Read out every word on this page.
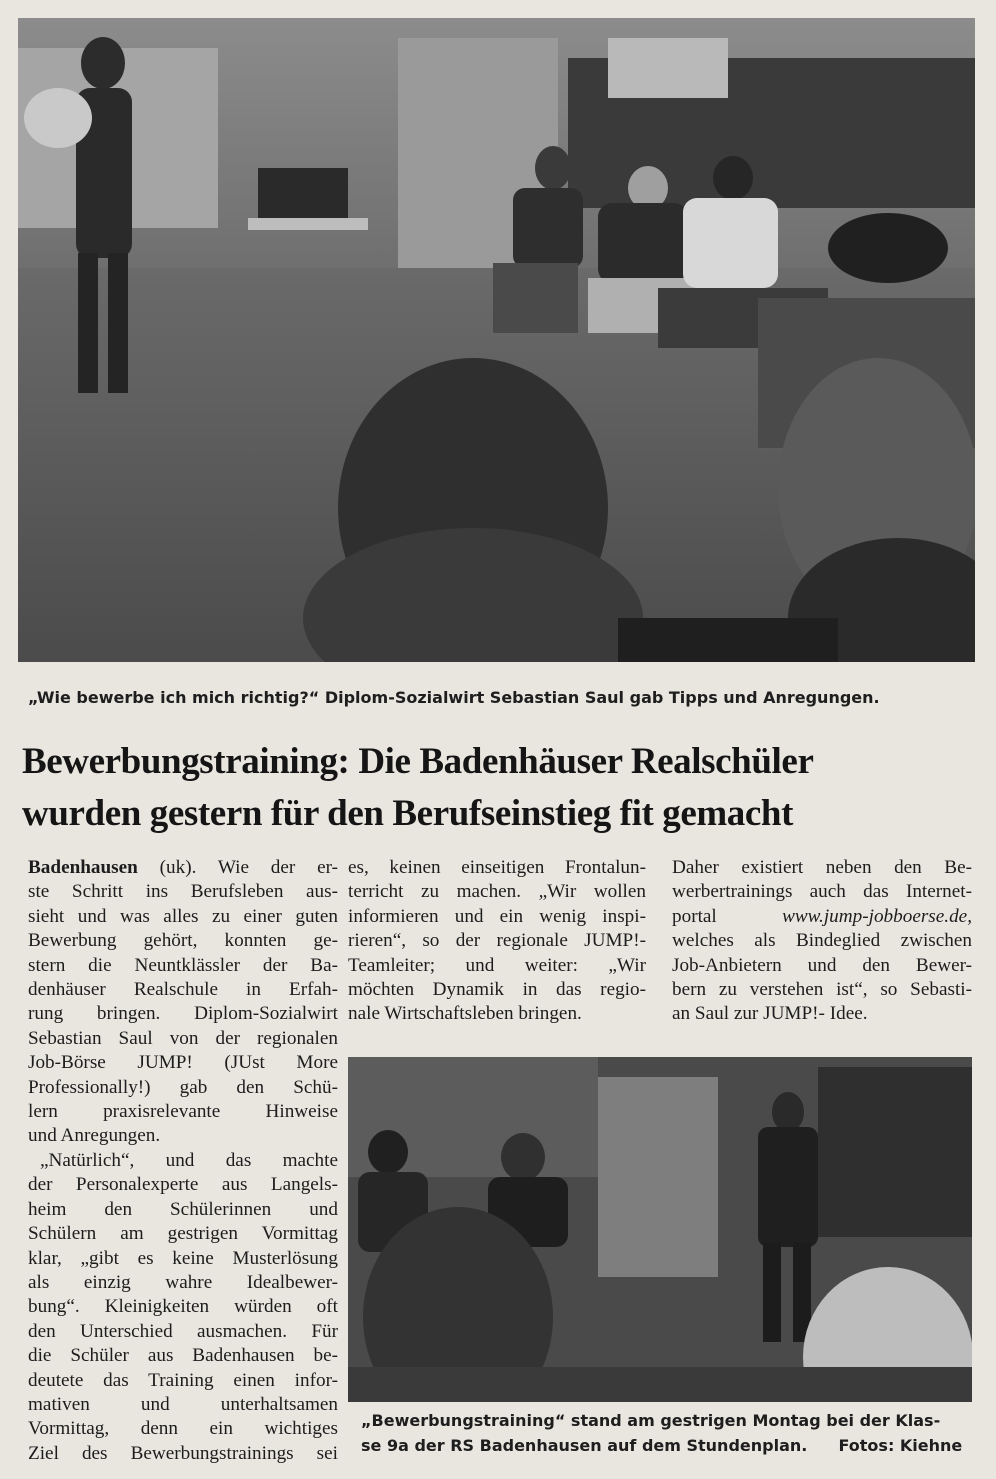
„Wie bewerbe ich mich richtig?“ Diplom-Sozialwirt Sebastian Saul gab Tipps und Anregungen.
Bewerbungstraining: Die Badenhäuser Realschüler
wurden gestern für den Berufseinstieg fit gemacht
Badenhausen (uk). Wie der er-
ste Schritt ins Berufsleben aus-
sieht und was alles zu einer guten
Bewerbung gehört, konnten ge-
stern die Neuntklässler der Ba-
denhäuser Realschule in Erfah-
rung bringen. Diplom-Sozialwirt
Sebastian Saul von der regionalen
Job-Börse JUMP! (JUst More
Professionally!) gab den Schü-
lern praxisrelevante Hinweise
und Anregungen.
„Natürlich“, und das machte
der Personalexperte aus Langels-
heim den Schülerinnen und
Schülern am gestrigen Vormittag
klar, „gibt es keine Musterlösung
als einzig wahre Idealbewer-
bung“. Kleinigkeiten würden oft
den Unterschied ausmachen. Für
die Schüler aus Badenhausen be-
deutete das Training einen infor-
mativen und unterhaltsamen
Vormittag, denn ein wichtiges
Ziel des Bewerbungstrainings sei
es, keinen einseitigen Frontalun-
terricht zu machen. „Wir wollen
informieren und ein wenig inspi-
rieren“, so der regionale JUMP!-
Teamleiter; und weiter: „Wir
möchten Dynamik in das regio-
nale Wirtschaftsleben bringen.
Daher existiert neben den Be-
werbertrainings auch das Internet-
portal	www.jump-jobboerse.de,
welches als Bindeglied zwischen
Job-Anbietern und den Bewer-
bern zu verstehen ist“, so Sebasti-
an Saul zur JUMP!- Idee.
„Bewerbungstraining“ stand am gestrigen Montag bei der Klas-
se 9a der RS Badenhausen auf dem Stundenplan. Fotos: Kiehne
